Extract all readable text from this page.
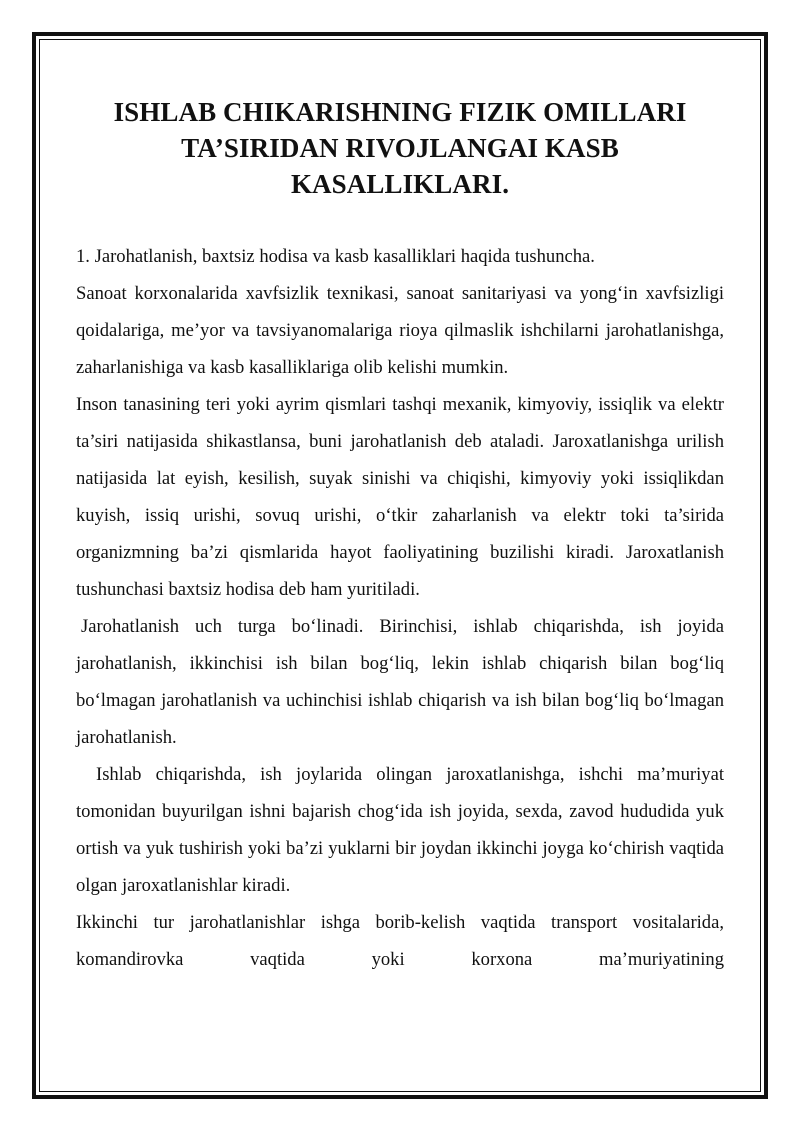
ISHLAB CHIKARISHNING FIZIK OMILLARI
TA’SIRIDAN RIVOJLANGAI KASB
KASALLIKLARI.

1. Jarohatlanish, baxtsiz hodisa va kasb kasalliklari haqida tushuncha.

Sanoat korxonalarida xavfsizlik texnikasi, sanoat sanitariyasi va yong‘in xavfsizligi qoidalariga, me’yor va tavsiyanomalariga rioya qilmaslik ishchilarni jarohatlanishga, zaharlanishiga va kasb kasalliklariga olib kelishi mumkin.

Inson tanasining teri yoki ayrim qismlari tashqi mexanik, kimyoviy, issiqlik va elektr ta’siri natijasida shikastlansa, buni jarohatlanish deb ataladi. Jaroxatlanishga urilish natijasida lat eyish, kesilish, suyak sinishi va chiqishi, kimyoviy yoki issiqlikdan kuyish, issiq urishi, sovuq urishi, o‘tkir zaharlanish va elektr toki ta’sirida organizmning ba’zi qismlarida hayot faoliyatining buzilishi kiradi. Jaroxatlanish tushunchasi baxtsiz hodisa deb ham yuritiladi.

Jarohatlanish uch turga bo‘linadi. Birinchisi, ishlab chiqarishda, ish joyida jarohatlanish, ikkinchisi ish bilan bog‘liq, lekin ishlab chiqarish bilan bog‘liq bo‘lmagan jarohatlanish va uchinchisi ishlab chiqarish va ish bilan bog‘liq bo‘lmagan jarohatlanish.

Ishlab chiqarishda, ish joylarida olingan jaroxatlanishga, ishchi ma’muriyat tomonidan buyurilgan ishni bajarish chog‘ida ish joyida, sexda, zavod hududida yuk ortish va yuk tushirish yoki ba’zi yuklarni bir joydan ikkinchi joyga ko‘chirish vaqtida olgan jaroxatlanishlar kiradi.

Ikkinchi tur jarohatlanishlar ishga borib-kelish vaqtida transport vositalarida, komandirovka vaqtida yoki korxona ma’muriyatining
